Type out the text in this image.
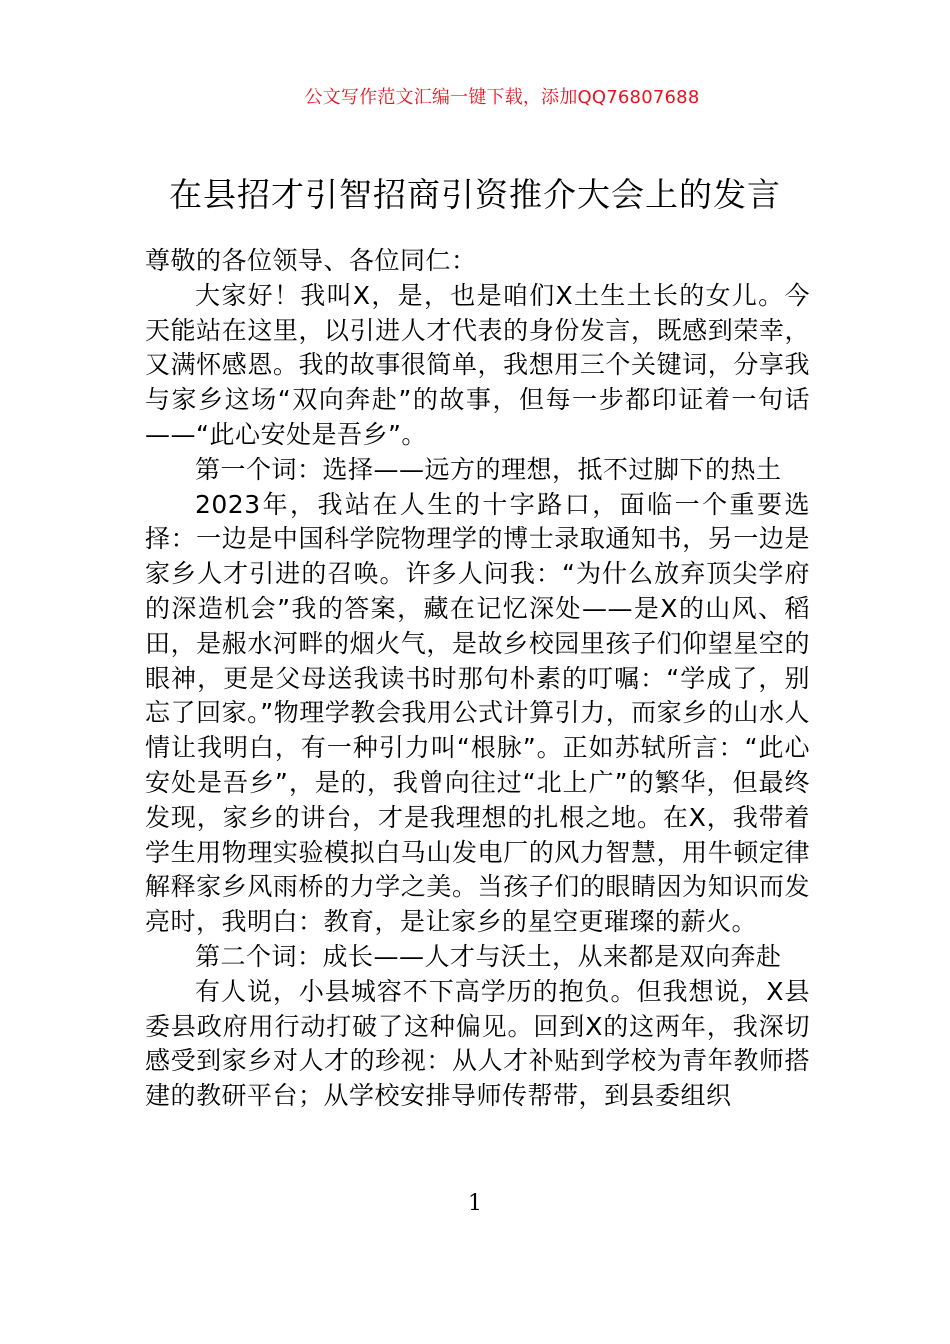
公文写作范文汇编一键下载，添加QQ76807688
在县招才引智招商引资推介大会上的发言

尊敬的各位领导、各位同仁：

大家好！我叫X，是，也是咱们X土生土长的女儿。今天能站在这里，以引进人才代表的身份发言，既感到荣幸，又满怀感恩。我的故事很简单，我想用三个关键词，分享我与家乡这场“双向奔赴”的故事，但每一步都印证着一句话——“此心安处是吾乡”。

第一个词：选择——远方的理想，抵不过脚下的热土

2023年，我站在人生的十字路口，面临一个重要选择：一边是中国科学院物理学的博士录取通知书，另一边是家乡人才引进的召唤。许多人问我：“为什么放弃顶尖学府的深造机会”我的答案，藏在记忆深处——是X的山风、稻田，是赧水河畔的烟火气，是故乡校园里孩子们仰望星空的眼神，更是父母送我读书时那句朴素的叮嘱：“学成了，别忘了回家。”物理学教会我用公式计算引力，而家乡的山水人情让我明白，有一种引力叫“根脉”。正如苏轼所言：“此心安处是吾乡”，是的，我曾向往过“北上广”的繁华，但最终发现，家乡的讲台，才是我理想的扎根之地。在X，我带着学生用物理实验模拟白马山发电厂的风力智慧，用牛顿定律解释家乡风雨桥的力学之美。当孩子们的眼睛因为知识而发亮时，我明白：教育，是让家乡的星空更璀璨的薪火。

第二个词：成长——人才与沃土，从来都是双向奔赴

有人说，小县城容不下高学历的抱负。但我想说，X县委县政府用行动打破了这种偏见。回到X的这两年，我深切感受到家乡对人才的珍视：从人才补贴到学校为青年教师搭建的教研平台；从学校安排导师传帮带，到县委组织

1
